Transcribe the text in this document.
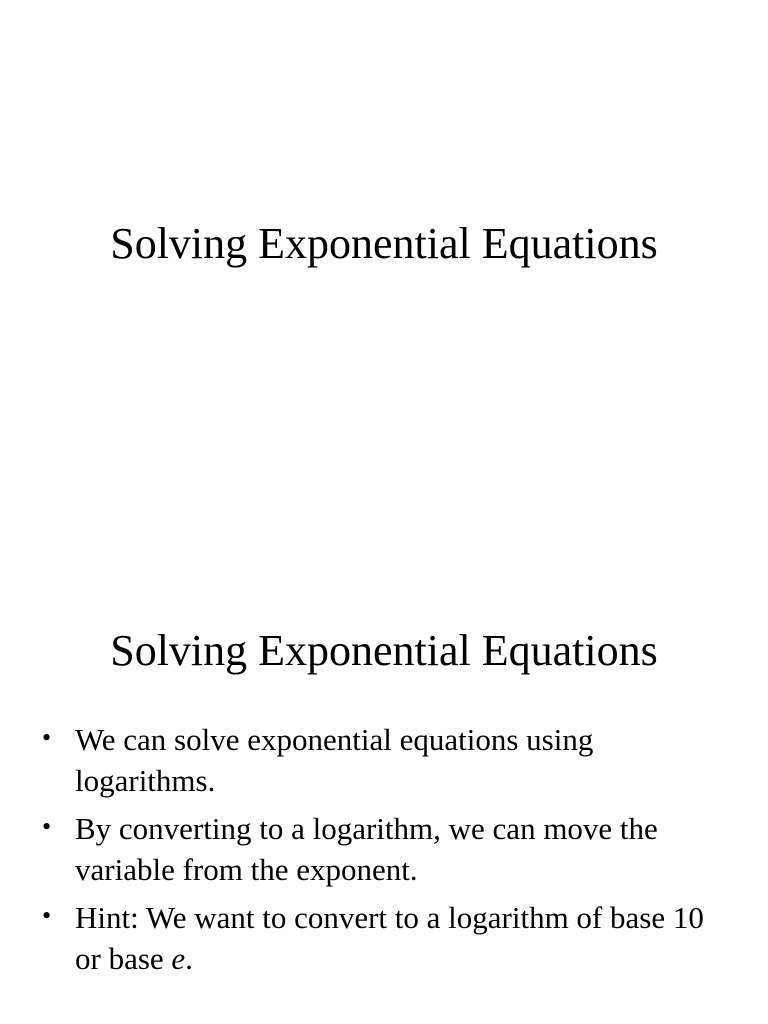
Solving Exponential Equations
Solving Exponential Equations
• We can solve exponential equations using logarithms.
• By converting to a logarithm, we can move the variable from the exponent.
• Hint: We want to convert to a logarithm of base 10 or base e.
